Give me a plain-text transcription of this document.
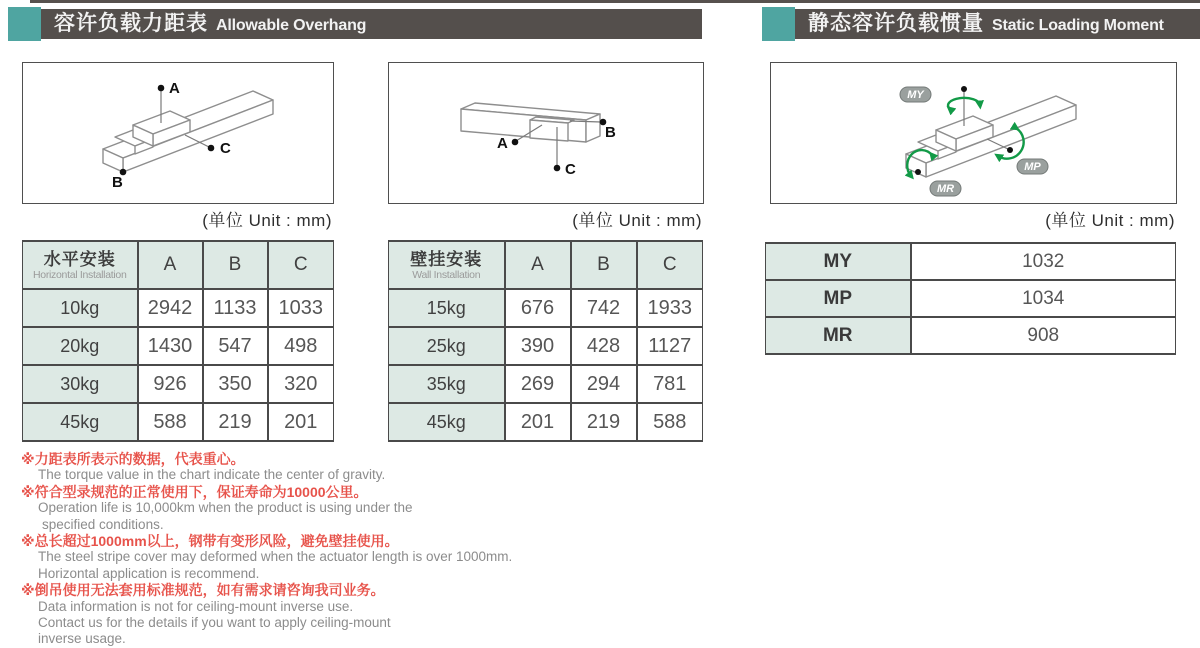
容许负载力距表 Allowable Overhang	静态容许负载惯量 Static Loading Moment
A
B
C
(单位 Unit : mm)
A
B
C
(单位 Unit : mm)
MY
MP
MR
(单位 Unit : mm)
水平安装
Horizontal Installation	A	B	C
10kg	2942	1133	1033
20kg	1430	547	498
30kg	926	350	320
45kg	588	219	201
壁挂安装
Wall Installation	A	B	C
15kg	676	742	1933
25kg	390	428	1127
35kg	269	294	781
45kg	201	219	588
MY	1032
MP	1034
MR	908
※力距表所表示的数据，代表重心。
The torque value in the chart indicate the center of gravity.
※符合型录规范的正常使用下，保证寿命为10000公里。
Operation life is 10,000km when the product is using under the
specified conditions.
※总长超过1000mm以上，钢带有变形风险，避免壁挂使用。
The steel stripe cover may deformed when the actuator length is over 1000mm.
Horizontal application is recommend.
※倒吊使用无法套用标准规范，如有需求请咨询我司业务。
Data information is not for ceiling-mount inverse use.
Contact us for the details if you want to apply ceiling-mount
inverse usage.
